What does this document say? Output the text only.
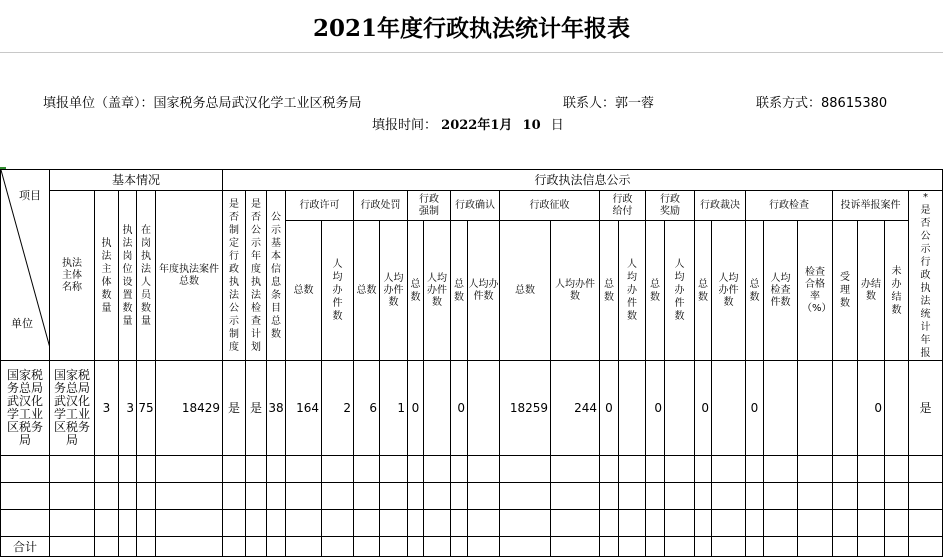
2021年度行政执法统计年报表
填报单位（盖章）：国家税务总局武汉化学工业区税务局	联系人：郭一蓉	联系方式：88615380
填报时间： 2022年1月 10 日
项目
单位	基本情况					行政执法信息公示																									
	执法主体名称	执法主体数量	执法岗位设置数量	在岗执法人员数量	年度执法案件总数	是否制定行政执法公示制度	是否公示年度执法检查计划	公示基本信息条目总数	行政许可		行政处罚		行政强制		行政确认		行政征收		行政给付		行政奖励		行政裁决		行政检查			投诉举报案件			*是否公示行政执法统计年报
									总数	人均办件数	总数	人均办件数	总数	人均办件数	总数	人均办件数	总数	人均办件数	总数	人均办件数	总数	人均办件数	总数	人均办件数	总数	人均检查件数	检查合格率（%）	受理数	办结数	未办结数	
国家税务总局武汉化学工业区税务局	国家税务总局武汉化学工业区税务局	3	3	75	18429	是	是	38	164	2	6	1	0		0		18259	244	0		0		0		0				0		是

合计																															
